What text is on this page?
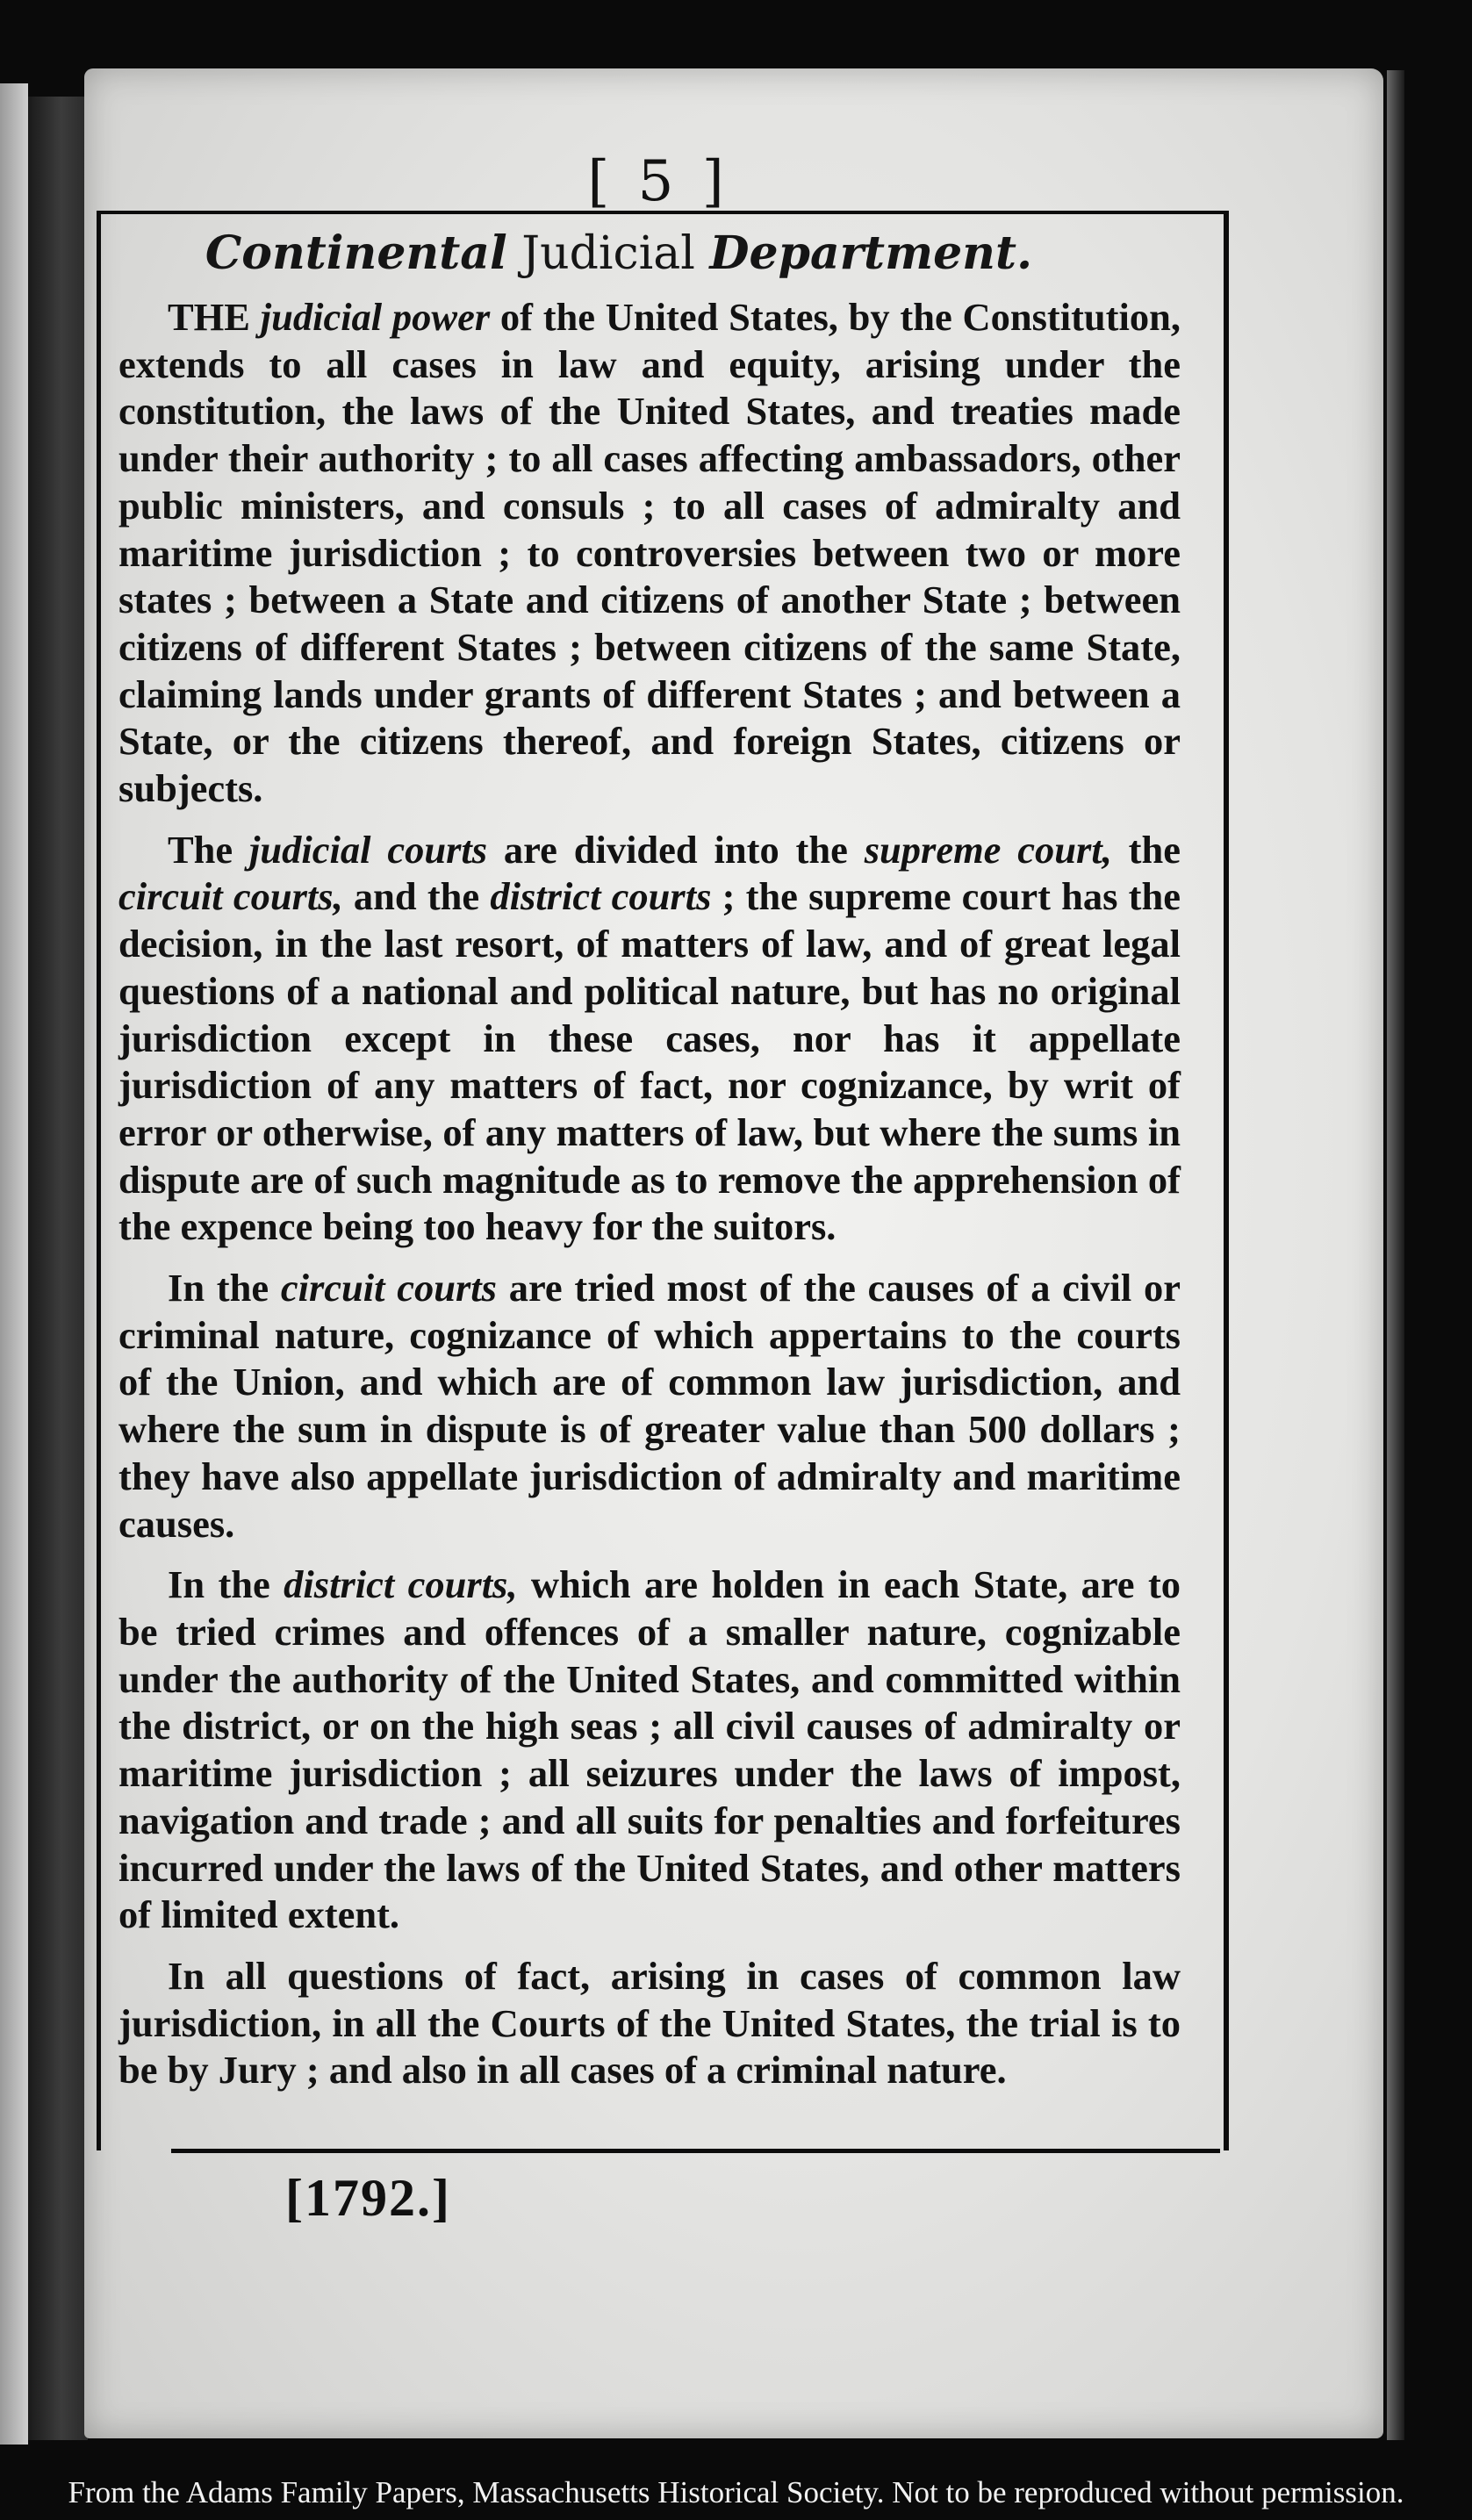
[ 5 ]
Continental Judicial Department.

THE judicial power of the United States, by the Constitution, extends to all cases in law and equity, arising under the constitution, the laws of the United States, and treaties made under their authority ; to all cases affecting ambassadors, other public ministers, and consuls ; to all cases of admiralty and maritime jurisdiction ; to controversies between two or more states ; between a State and citizens of another State ; between citizens of different States ; between citizens of the same State, claiming lands under grants of different States ; and between a State, or the citizens thereof, and foreign States, citizens or subjects.

The judicial courts are divided into the supreme court, the circuit courts, and the district courts ; the supreme court has the decision, in the last resort, of matters of law, and of great legal questions of a national and political nature, but has no original jurisdiction except in these cases, nor has it appellate jurisdiction of any matters of fact, nor cognizance, by writ of error or otherwise, of any matters of law, but where the sums in dispute are of such magnitude as to remove the apprehension of the expence being too heavy for the suitors.

In the circuit courts are tried most of the causes of a civil or criminal nature, cognizance of which appertains to the courts of the Union, and which are of common law jurisdiction, and where the sum in dispute is of greater value than 500 dollars ; they have also appellate jurisdiction of admiralty and maritime causes.

In the district courts, which are holden in each State, are to be tried crimes and offences of a smaller nature, cognizable under the authority of the United States, and committed within the district, or on the high seas ; all civil causes of admiralty or maritime jurisdiction ; all seizures under the laws of impost, navigation and trade ; and all suits for penalties and forfeitures incurred under the laws of the United States, and other matters of limited extent.

In all questions of fact, arising in cases of common law jurisdiction, in all the Courts of the United States, the trial is to be by Jury ; and also in all cases of a criminal nature.

[1792.]
From the Adams Family Papers, Massachusetts Historical Society. Not to be reproduced without permission.
